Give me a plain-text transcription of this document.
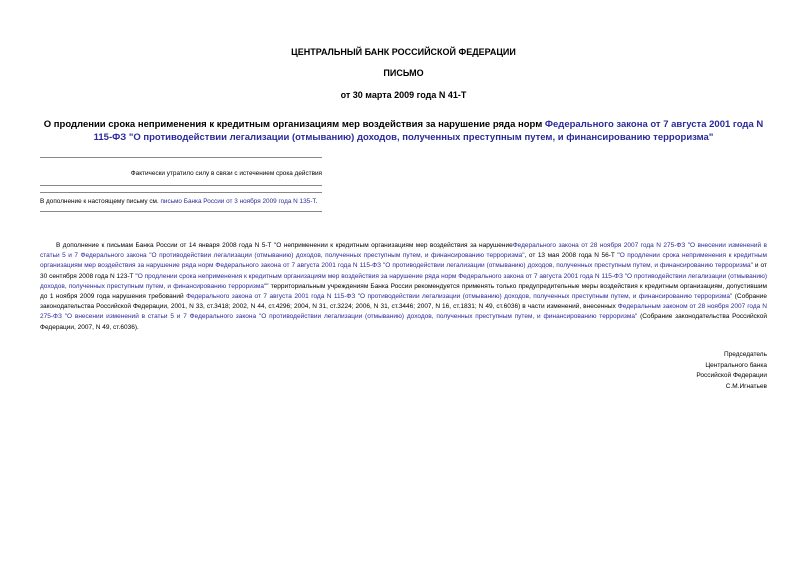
ЦЕНТРАЛЬНЫЙ БАНК РОССИЙСКОЙ ФЕДЕРАЦИИ
ПИСЬМО
от 30 марта 2009 года N 41-Т
О продлении срока неприменения к кредитным организациям мер воздействия за нарушение ряда норм Федерального закона от 7 августа 2001 года N 115-ФЗ "О противодействии легализации (отмыванию) доходов, полученных преступным путем, и финансированию терроризма"
Фактически утратило силу в связи с истечением срока действия
В дополнение к настоящему письму см. письмо Банка России от 3 ноября 2009 года N 135-Т.

В дополнение к письмам Банка России от 14 января 2008 года N 5-Т "О неприменении к кредитным организациям мер воздействия за нарушениеФедерального закона от 28 ноября 2007 года N 275-ФЗ "О внесении изменений в статьи 5 и 7 Федерального закона "О противодействии легализации (отмыванию) доходов, полученных преступным путем, и финансированию терроризма", от 13 мая 2008 года N 56-Т "О продлении срока неприменения к кредитным организациям мер воздействия за нарушение ряда норм Федерального закона от 7 августа 2001 года N 115-ФЗ "О противодействии легализации (отмыванию) доходов, полученных преступным путем, и финансированию терроризма" и от 30 сентября 2008 года N 123-Т "О продлении срока неприменения к кредитным организациям мер воздействия за нарушение ряда норм Федерального закона от 7 августа 2001 года N 115-ФЗ "О противодействии легализации (отмыванию) доходов, полученных преступным путем, и финансированию терроризма"" территориальным учреждениям Банка России рекомендуется применять только предупредительные меры воздействия к кредитным организациям, допустившим до 1 ноября 2009 года нарушения требований Федерального закона от 7 августа 2001 года N 115-ФЗ "О противодействии легализации (отмыванию) доходов, полученных преступным путем, и финансированию терроризма" (Собрание законодательства Российской Федерации, 2001, N 33, ст.3418; 2002, N 44, ст.4296; 2004, N 31, ст.3224; 2006, N 31, ст.3446; 2007, N 16, ст.1831; N 49, ст.6036) в части изменений, внесенных Федеральным законом от 28 ноября 2007 года N 275-ФЗ "О внесении изменений в статьи 5 и 7 Федерального закона "О противодействии легализации (отмыванию) доходов, полученных преступным путем, и финансированию терроризма" (Собрание законодательства Российской Федерации, 2007, N 49, ст.6036).

Председатель
Центрального банка
Российской Федерации
С.М.Игнатьев
